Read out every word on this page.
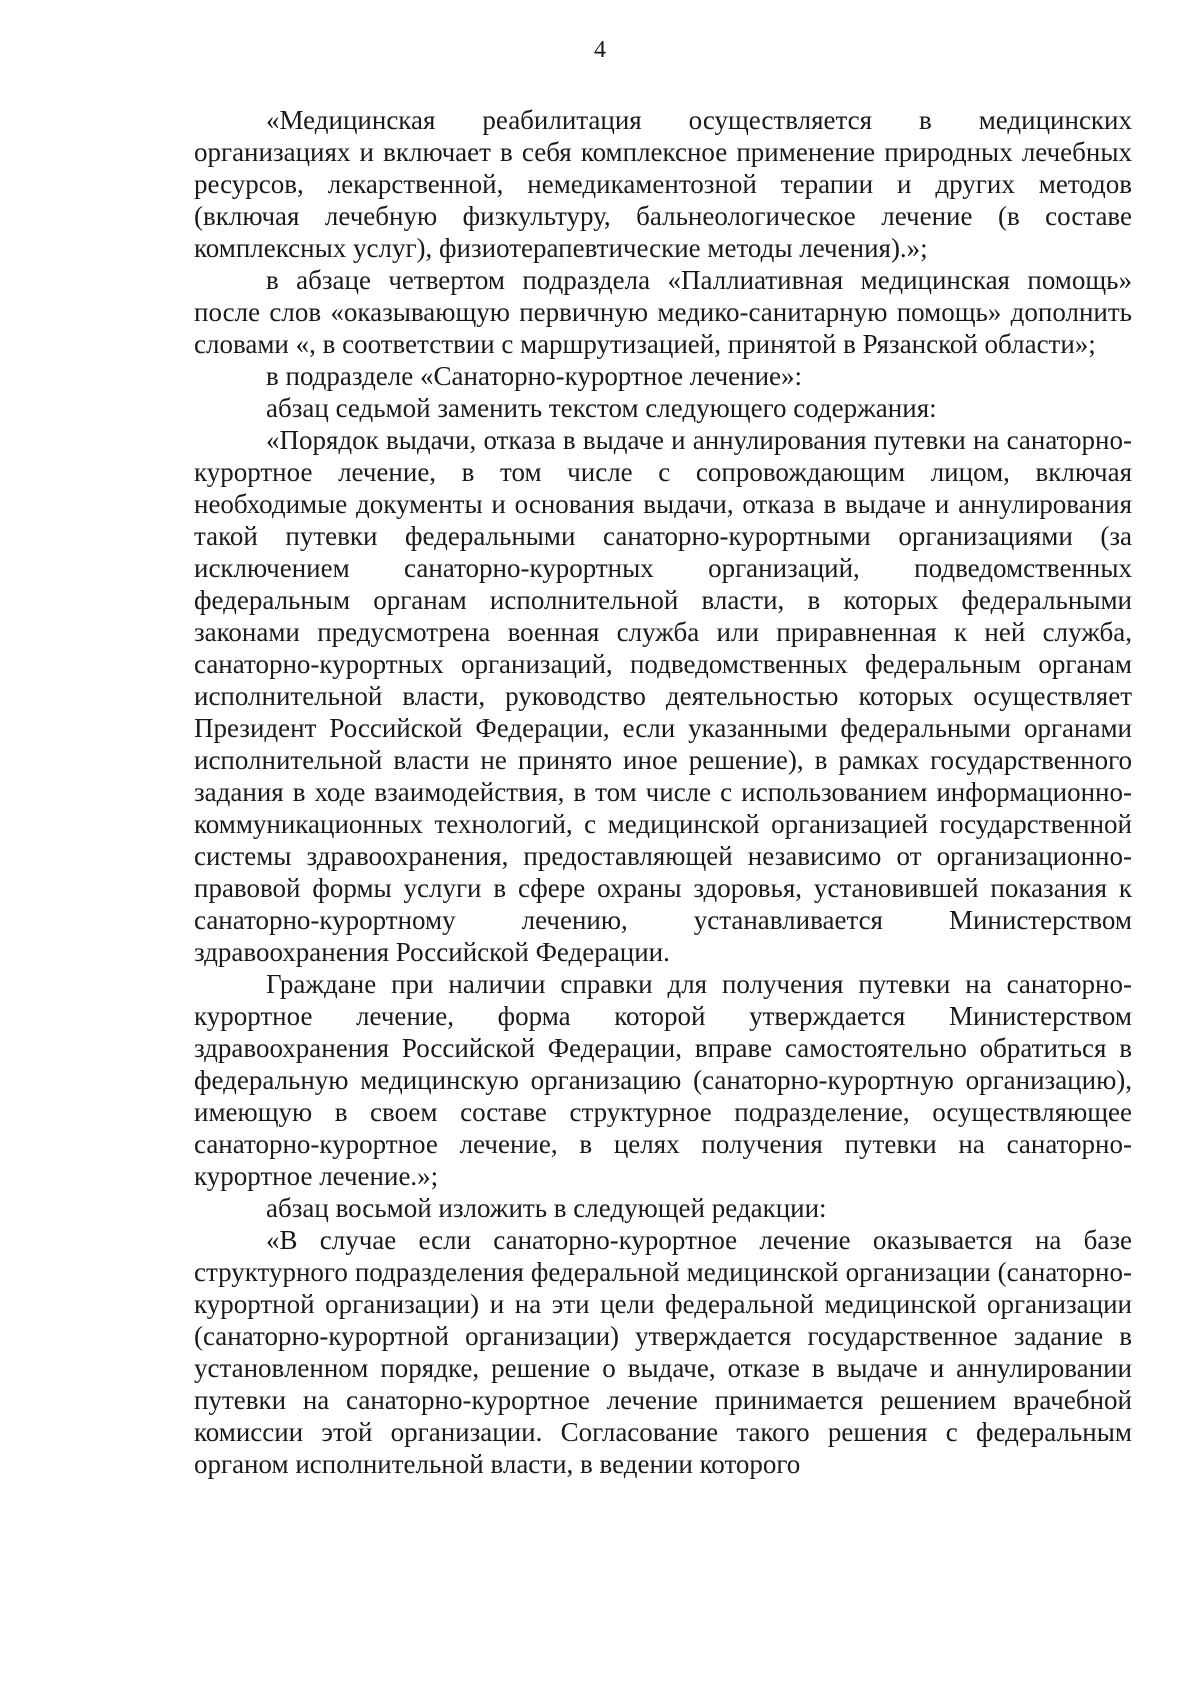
4

«Медицинская реабилитация осуществляется в медицинских организациях и включает в себя комплексное применение природных лечебных ресурсов, лекарственной, немедикаментозной терапии и других методов (включая лечебную физкультуру, бальнеологическое лечение (в составе комплексных услуг), физиотерапевтические методы лечения).»;

в абзаце четвертом подраздела «Паллиативная медицинская помощь» после слов «оказывающую первичную медико-санитарную помощь» дополнить словами «, в соответствии с маршрутизацией, принятой в Рязанской области»;

в подразделе «Санаторно-курортное лечение»:

абзац седьмой заменить текстом следующего содержания:

«Порядок выдачи, отказа в выдаче и аннулирования путевки на санаторно-курортное лечение, в том числе с сопровождающим лицом, включая необходимые документы и основания выдачи, отказа в выдаче и аннулирования такой путевки федеральными санаторно-курортными организациями (за исключением санаторно-курортных организаций, подведомственных федеральным органам исполнительной власти, в которых федеральными законами предусмотрена военная служба или приравненная к ней служба, санаторно-курортных организаций, подведомственных федеральным органам исполнительной власти, руководство деятельностью которых осуществляет Президент Российской Федерации, если указанными федеральными органами исполнительной власти не принято иное решение), в рамках государственного задания в ходе взаимодействия, в том числе с использованием информационно-коммуникационных технологий, с медицинской организацией государственной системы здравоохранения, предоставляющей независимо от организационно-правовой формы услуги в сфере охраны здоровья, установившей показания к санаторно-курортному лечению, устанавливается Министерством здравоохранения Российской Федерации.

Граждане при наличии справки для получения путевки на санаторно-курортное лечение, форма которой утверждается Министерством здравоохранения Российской Федерации, вправе самостоятельно обратиться в федеральную медицинскую организацию (санаторно-курортную организацию), имеющую в своем составе структурное подразделение, осуществляющее санаторно-курортное лечение, в целях получения путевки на санаторно-курортное лечение.»;

абзац восьмой изложить в следующей редакции:

«В случае если санаторно-курортное лечение оказывается на базе структурного подразделения федеральной медицинской организации (санаторно-курортной организации) и на эти цели федеральной медицинской организации (санаторно-курортной организации) утверждается государственное задание в установленном порядке, решение о выдаче, отказе в выдаче и аннулировании путевки на санаторно-курортное лечение принимается решением врачебной комиссии этой организации. Согласование такого решения с федеральным органом исполнительной власти, в ведении которого
